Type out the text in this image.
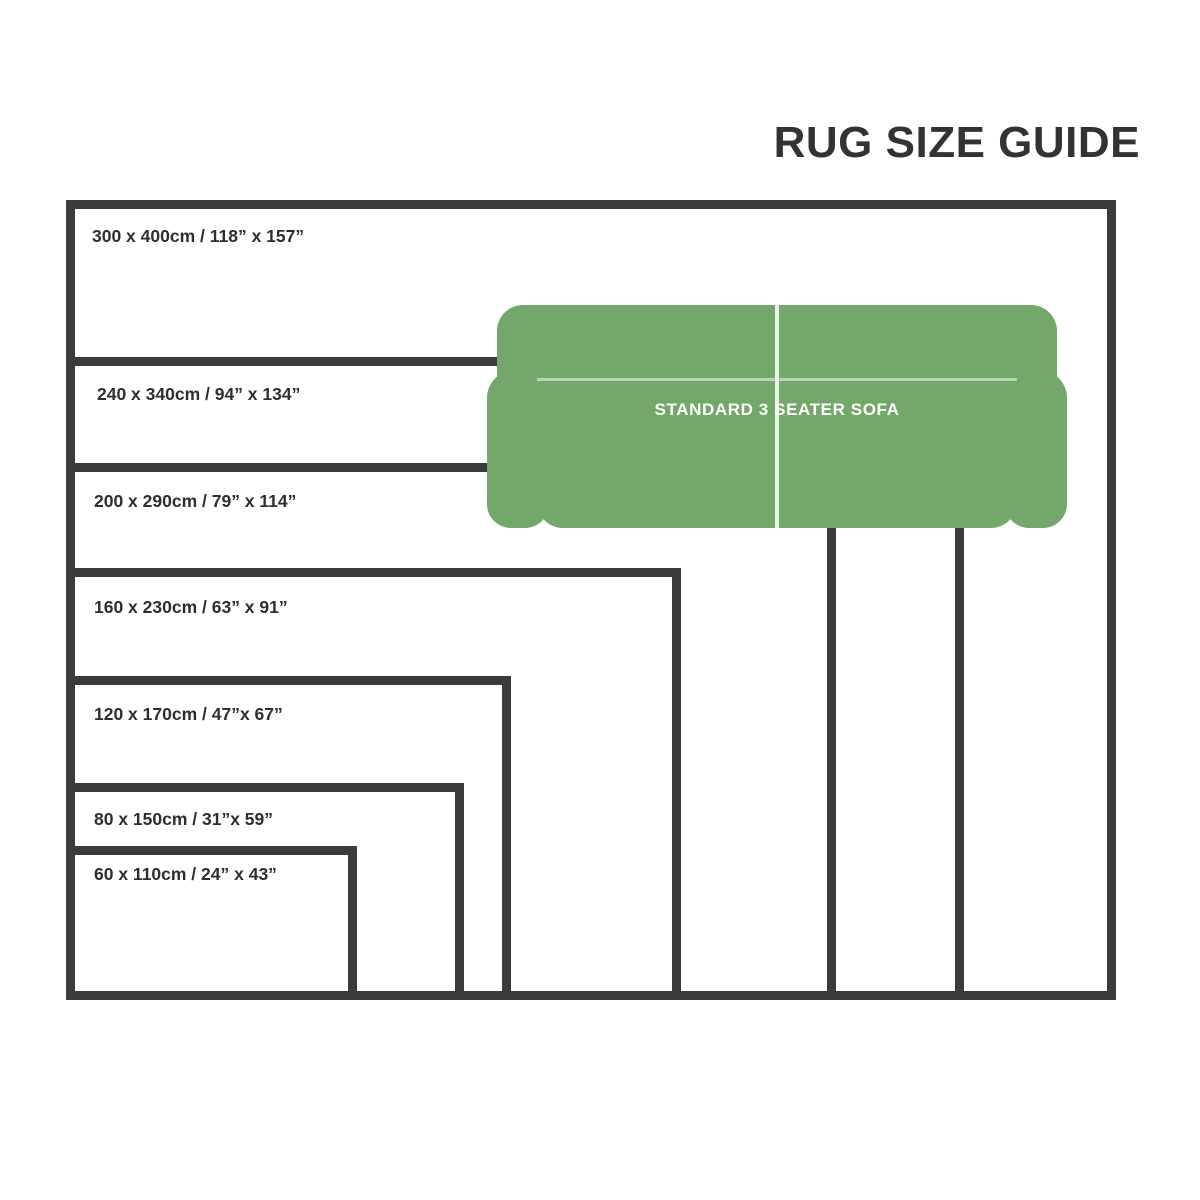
RUG SIZE GUIDE
STANDARD 3 SEATER SOFA
300 x 400cm / 118” x 157”
240 x 340cm / 94” x 134”
200 x 290cm / 79” x 114”
160 x 230cm / 63” x 91”
120 x 170cm / 47”x 67”
80 x 150cm / 31”x 59”
60 x 110cm / 24” x 43”
